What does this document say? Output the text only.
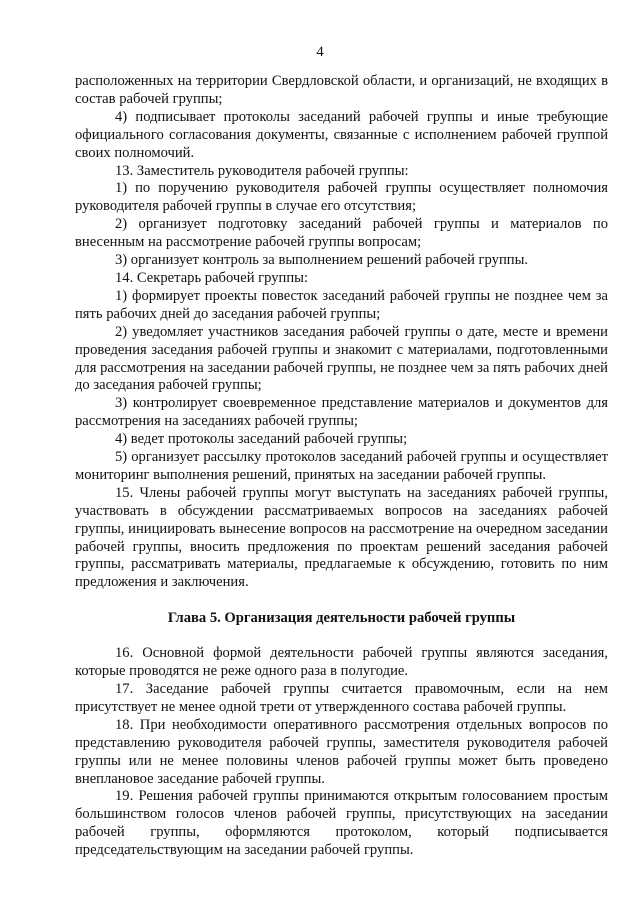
4
расположенных на территории Свердловской области, и организаций, не входящих в состав рабочей группы;
4) подписывает протоколы заседаний рабочей группы и иные требующие официального согласования документы, связанные с исполнением рабочей группой своих полномочий.
13. Заместитель руководителя рабочей группы:
1) по поручению руководителя рабочей группы осуществляет полномочия руководителя рабочей группы в случае его отсутствия;
2) организует подготовку заседаний рабочей группы и материалов по внесенным на рассмотрение рабочей группы вопросам;
3) организует контроль за выполнением решений рабочей группы.
14. Секретарь рабочей группы:
1) формирует проекты повесток заседаний рабочей группы не позднее чем за пять рабочих дней до заседания рабочей группы;
2) уведомляет участников заседания рабочей группы о дате, месте и времени проведения заседания рабочей группы и знакомит с материалами, подготовленными для рассмотрения на заседании рабочей группы, не позднее чем за пять рабочих дней до заседания рабочей группы;
3) контролирует своевременное представление материалов и документов для рассмотрения на заседаниях рабочей группы;
4) ведет протоколы заседаний рабочей группы;
5) организует рассылку протоколов заседаний рабочей группы и осуществляет мониторинг выполнения решений, принятых на заседании рабочей группы.
15. Члены рабочей группы могут выступать на заседаниях рабочей группы, участвовать в обсуждении рассматриваемых вопросов на заседаниях рабочей группы, инициировать вынесение вопросов на рассмотрение на очередном заседании рабочей группы, вносить предложения по проектам решений заседания рабочей группы, рассматривать материалы, предлагаемые к обсуждению, готовить по ним предложения и заключения.
Глава 5. Организация деятельности рабочей группы
16. Основной формой деятельности рабочей группы являются заседания, которые проводятся не реже одного раза в полугодие.
17. Заседание рабочей группы считается правомочным, если на нем присутствует не менее одной трети от утвержденного состава рабочей группы.
18. При необходимости оперативного рассмотрения отдельных вопросов по представлению руководителя рабочей группы, заместителя руководителя рабочей группы или не менее половины членов рабочей группы может быть проведено внеплановое заседание рабочей группы.
19. Решения рабочей группы принимаются открытым голосованием простым большинством голосов членов рабочей группы, присутствующих на заседании рабочей группы, оформляются протоколом, который подписывается председательствующим на заседании рабочей группы.
